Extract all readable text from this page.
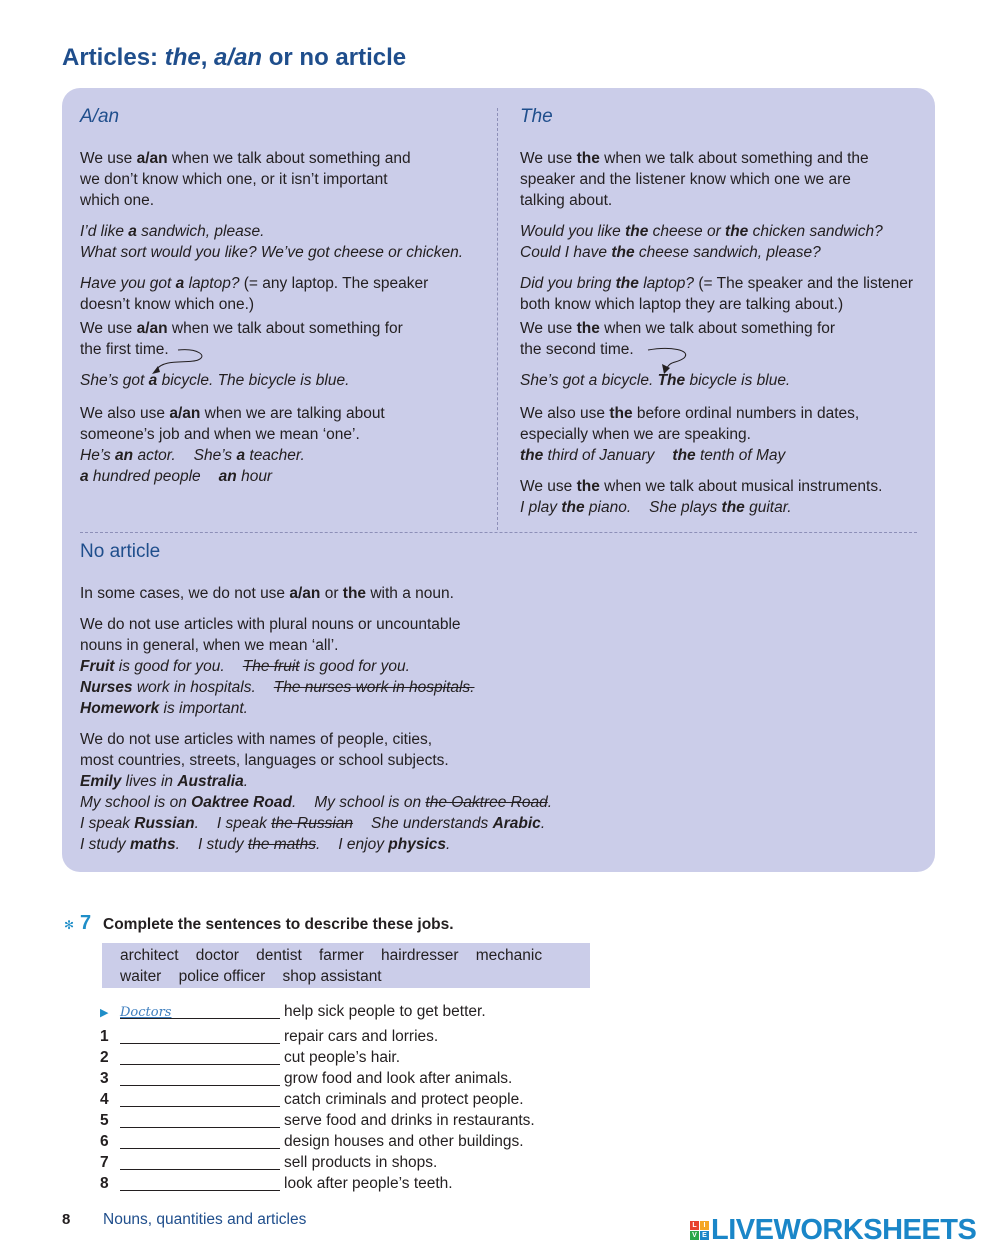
Articles: the, a/an or no article
A/an
We use a/an when we talk about something and
we don’t know which one, or it isn’t important
which one.
I’d like a sandwich, please.
What sort would you like? We’ve got cheese or chicken.
Have you got a laptop? (= any laptop. The speaker
doesn’t know which one.)
We use a/an when we talk about something for
the first time.
She’s got a bicycle. The bicycle is blue.
We also use a/an when we are talking about
someone’s job and when we mean ‘one’.
He’s an actor. She’s a teacher.
a hundred people an hour
The
We use the when we talk about something and the
speaker and the listener know which one we are
talking about.
Would you like the cheese or the chicken sandwich?
Could I have the cheese sandwich, please?
Did you bring the laptop? (= The speaker and the listener
both know which laptop they are talking about.)
We use the when we talk about something for
the second time.
She’s got a bicycle. The bicycle is blue.
We also use the before ordinal numbers in dates,
especially when we are speaking.
the third of January the tenth of May
We use the when we talk about musical instruments.
I play the piano. She plays the guitar.
No article
In some cases, we do not use a/an or the with a noun.
We do not use articles with plural nouns or uncountable
nouns in general, when we mean ‘all’.
Fruit is good for you. The fruit is good for you.
Nurses work in hospitals. The nurses work in hospitals.
Homework is important.
We do not use articles with names of people, cities,
most countries, streets, languages or school subjects.
Emily lives in Australia.
My school is on Oaktree Road. My school is on the Oaktree Road.
I speak Russian. I speak the Russian She understands Arabic.
I study maths. I study the maths. I enjoy physics.
✻ 7 Complete the sentences to describe these jobs.
architect    doctor    dentist    farmer    hairdresser    mechanic
waiter    police officer    shop assistant
▶ Doctors	help sick people to get better.
1	repair cars and lorries.
2	cut people’s hair.
3	grow food and look after animals.
4	catch criminals and protect people.
5	serve food and drinks in restaurants.
6	design houses and other buildings.
7	sell products in shops.
8	look after people’s teeth.
8 Nouns, quantities and articles	L I
V E LIVEWORKSHEETS
